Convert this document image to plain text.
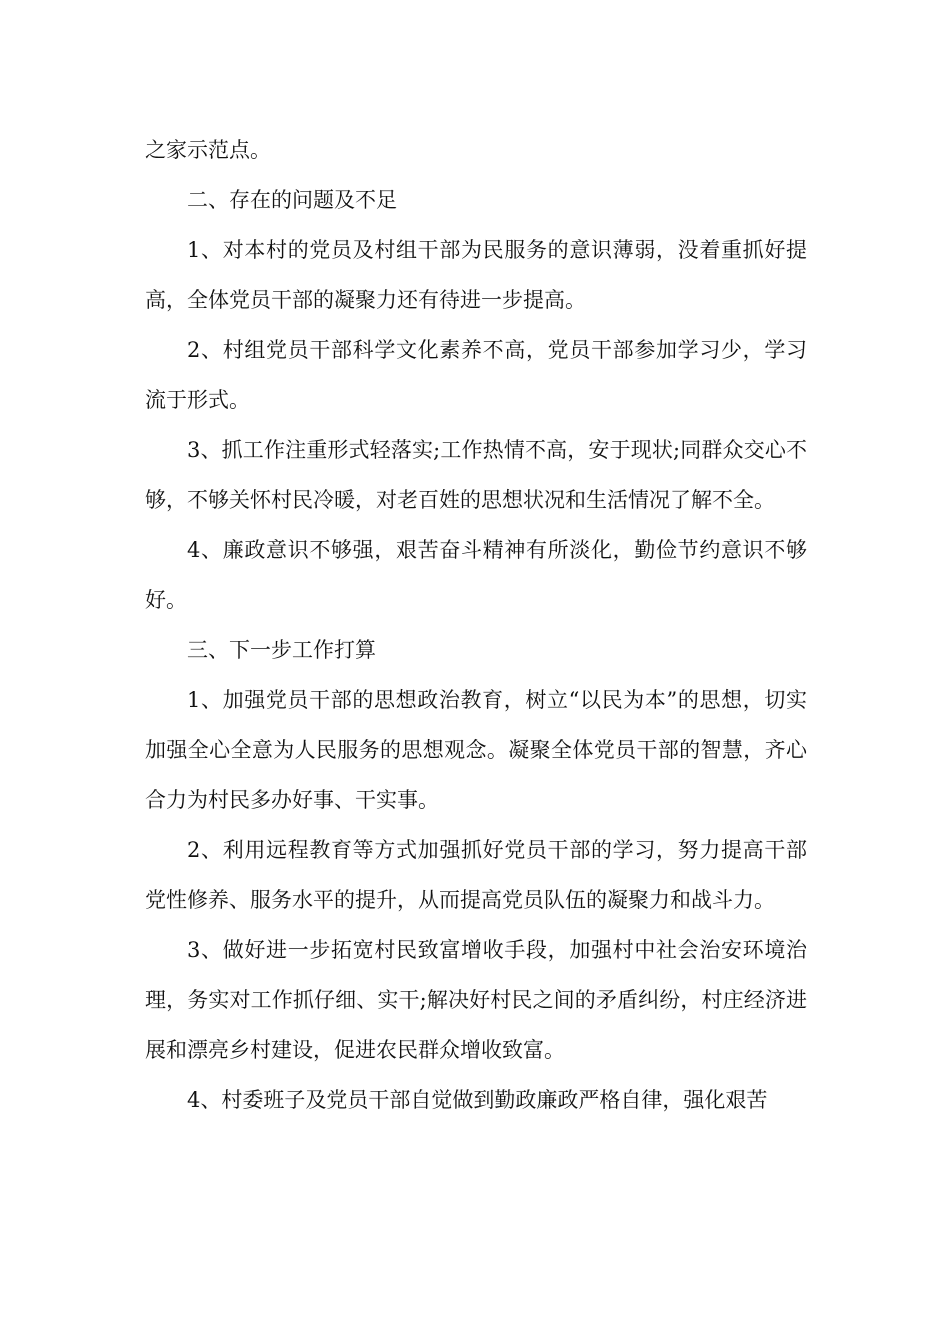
之家示范点。

二、存在的问题及不足

1、对本村的党员及村组干部为民服务的意识薄弱，没着重抓好提高，全体党员干部的凝聚力还有待进一步提高。

2、村组党员干部科学文化素养不高，党员干部参加学习少，学习流于形式。

3、抓工作注重形式轻落实;工作热情不高，安于现状;同群众交心不够，不够关怀村民冷暖，对老百姓的思想状况和生活情况了解不全。

4、廉政意识不够强，艰苦奋斗精神有所淡化，勤俭节约意识不够好。

三、下一步工作打算

1、加强党员干部的思想政治教育，树立“以民为本”的思想，切实加强全心全意为人民服务的思想观念。凝聚全体党员干部的智慧，齐心合力为村民多办好事、干实事。

2、利用远程教育等方式加强抓好党员干部的学习，努力提高干部党性修养、服务水平的提升，从而提高党员队伍的凝聚力和战斗力。

3、做好进一步拓宽村民致富增收手段，加强村中社会治安环境治理，务实对工作抓仔细、实干;解决好村民之间的矛盾纠纷，村庄经济进展和漂亮乡村建设，促进农民群众增收致富。

4、村委班子及党员干部自觉做到勤政廉政严格自律，强化艰苦
